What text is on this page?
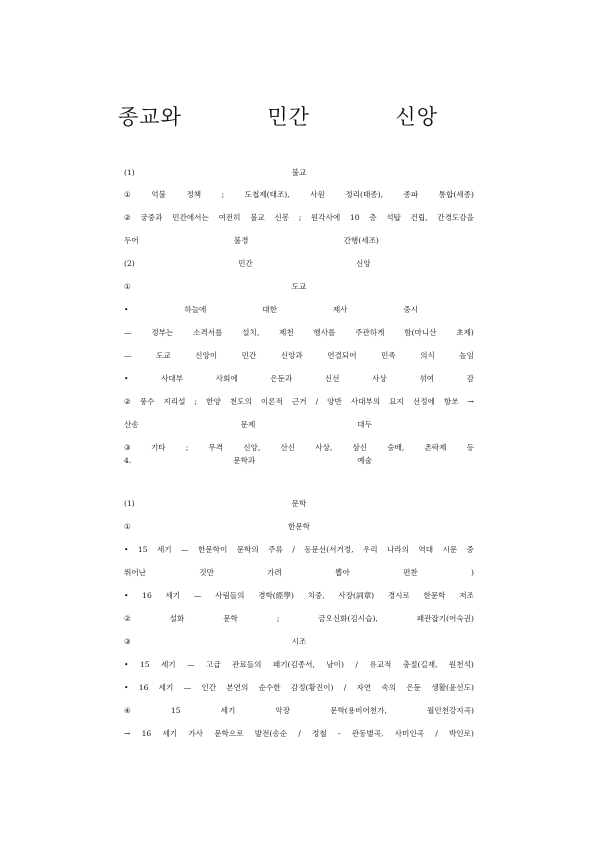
종교와	민간	신앙
(1)	불교
①	억불	정책	;	도첩제(태조),	사원	정리(태종),	종파	통합(세종)
② 궁중과 민간에서는 여전히 불교 신봉 ; 원각사에 10 층 석탑 건립, 간경도감을
두어	불경	간행(세조)
(2)	민간	신앙
①	도교
•	하늘에	대한	제사	중시
—	정부는	소격서를	설치,	제천	행사를	주관하게	함(마니산	초제)
—	도교	신앙이	민간	신앙과	연결되어	민족	의식	높임
•	사대부	사회에	은둔과	신선	사상	섞여	감
② 풍수 지리설 ; 한양 천도의 이론적 근거 / 양반 사대부의 묘지 선정에 항쏘 →
산송	문제	대두
③	기타	;	무격	신앙,	산신	사상,	삼신	숭배,	촌락제	등
4.	문학과	예술
(1)	문학
①	한문학
• 15 세기 — 한문학이 문학의 주류 / 동문선(서거정, 우리 나라의 역대 시문 중
뛰어난	것만	가려	뽑아	편찬	)
• 16 세기 — 사림들의 경학(經學) 치중, 사장(詞章) 경시로 한문학 저조
②	설화	문학	;	금오신화(김시습),	패관잡기(어숙권)
③	시조
• 15 세기 — 고급 관료들의 패기(김종서, 남이) / 유교적 충절(길재, 원천석)
• 16 세기 — 인간 본연의 순수한 감정(황진이) / 자연 속의 은둔 생활(윤선도)
④	15	세기	악장	문학(용비어천가,	월인천강지곡)
→ 16 세기 가사 문학으로 발전(송순 / 정철 - 관동별곡, 사미인곡 / 박인로)
